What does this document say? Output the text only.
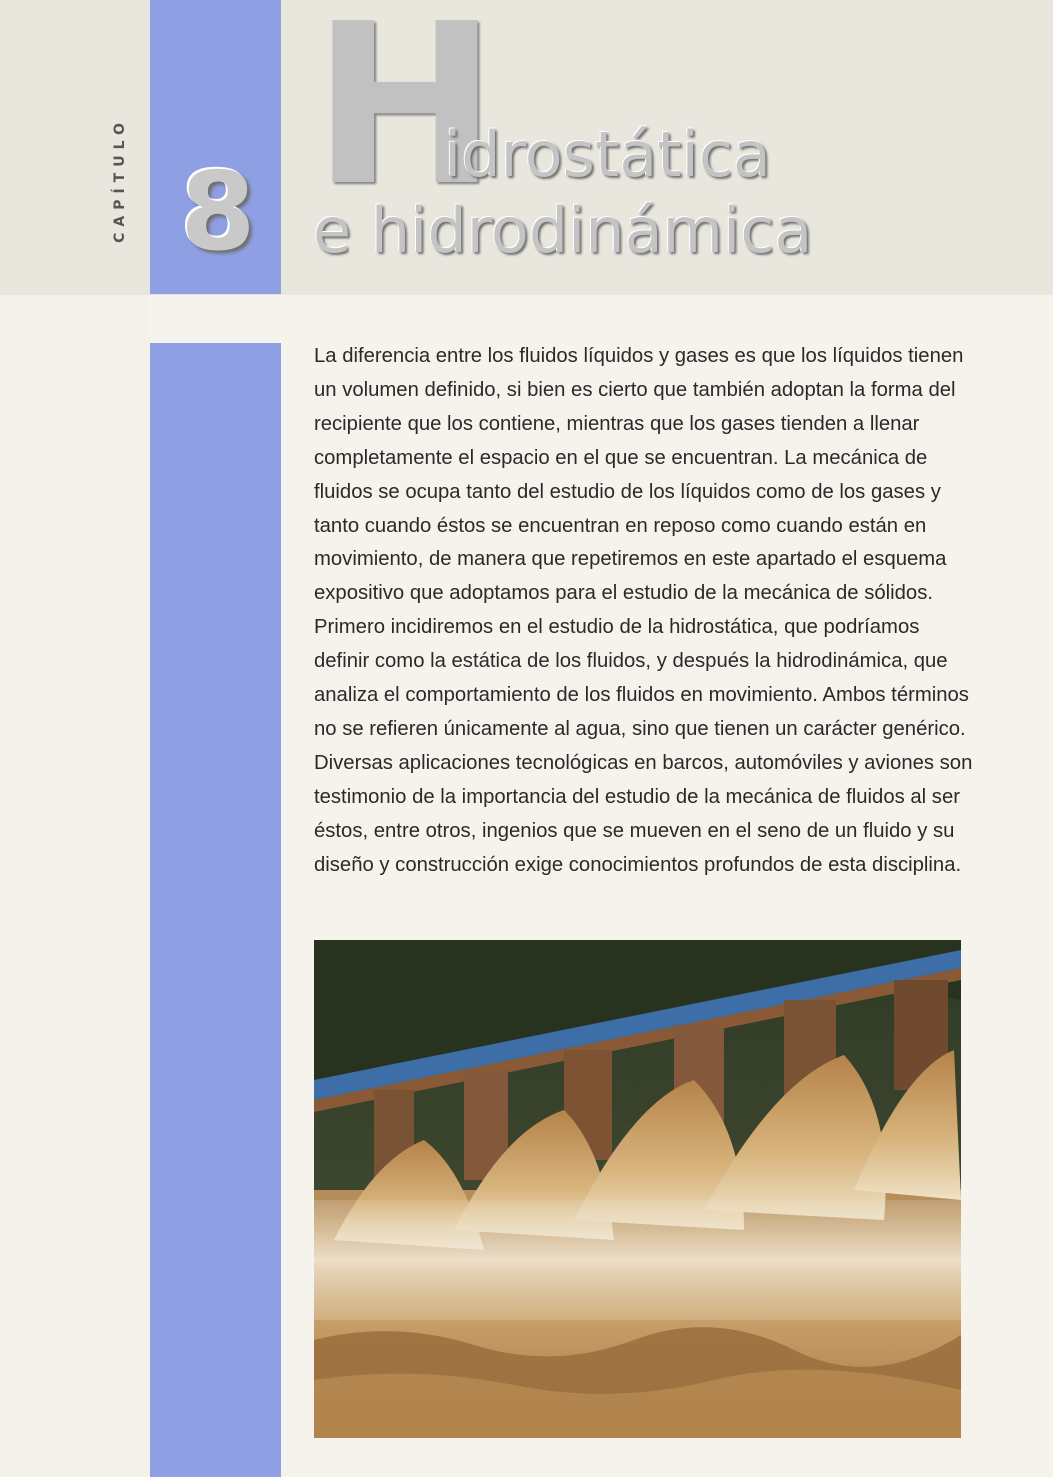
CAPÍTULO 8 H
idrostática
e hidrodinámica
La diferencia entre los fluidos líquidos y gases es que los líquidos tienen un volumen definido, si bien es cierto que también adoptan la forma del recipiente que los contiene, mientras que los gases tienden a llenar completamente el espacio en el que se encuentran. La mecánica de fluidos se ocupa tanto del estudio de los líquidos como de los gases y tanto cuando éstos se encuentran en reposo como cuando están en movimiento, de manera que repetiremos en este apartado el esquema expositivo que adoptamos para el estudio de la mecánica de sólidos. Primero incidiremos en el estudio de la hidrostática, que podríamos definir como la estática de los fluidos, y después la hidrodinámica, que analiza el comportamiento de los fluidos en movimiento. Ambos términos no se refieren únicamente al agua, sino que tienen un carácter genérico. Diversas aplicaciones tecnológicas en barcos, automóviles y aviones son testimonio de la importancia del estudio de la mecánica de fluidos al ser éstos, entre otros, ingenios que se mueven en el seno de un fluido y su diseño y construcción exige conocimientos profundos de esta disciplina.
